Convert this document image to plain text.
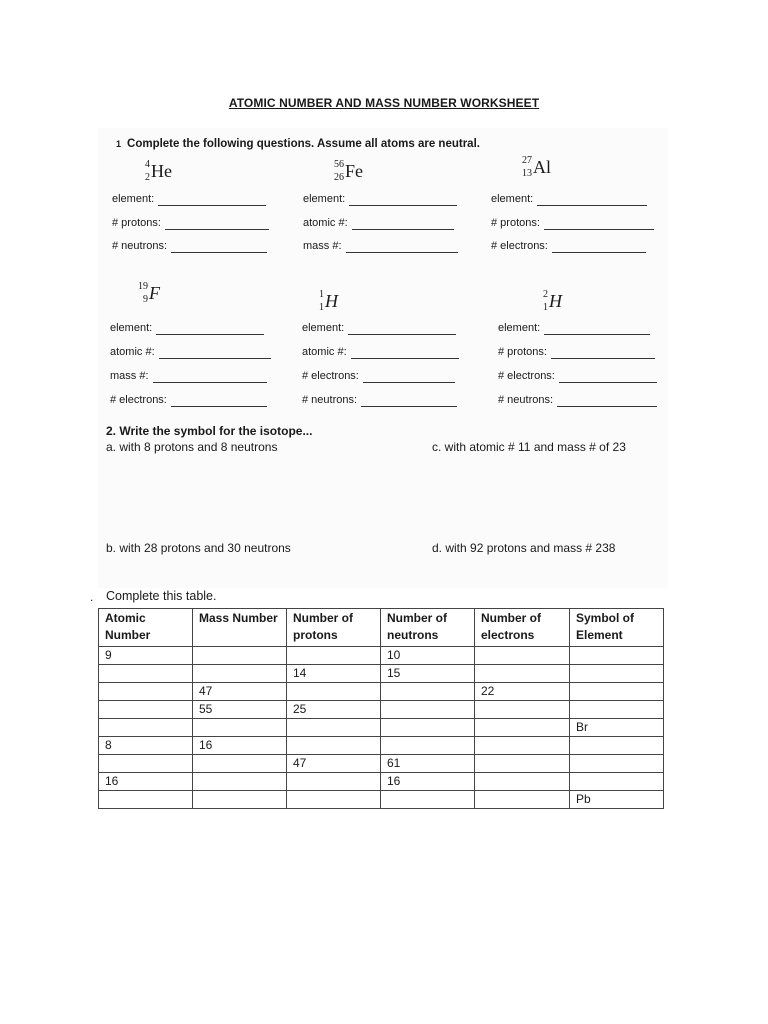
ATOMIC NUMBER AND MASS NUMBER WORKSHEET
1 Complete the following questions. Assume all atoms are neutral.
4
2 He
element:
# protons:
# neutrons:
56
26 Fe
element:
atomic #:
mass #:
27
13 Al
element:
# protons:
# electrons:
19
9 F
element:
atomic #:
mass #:
# electrons:
1
1 H
element:
atomic #:
# electrons:
# neutrons:
2
1 H
element:
# protons:
# electrons:
# neutrons:
2. Write the symbol for the isotope...
a. with 8 protons and 8 neutrons	c. with atomic # 11 and mass # of 23
b. with 28 protons and 30 neutrons	d. with 92 protons and mass # 238
. Complete this table.
Atomic Number	Mass Number	Number of protons	Number of neutrons	Number of electrons	Symbol of Element
9			10		
		14	15		
	47			22	
	55	25			
					Br
8	16				
		47	61		
16			16		
					Pb
